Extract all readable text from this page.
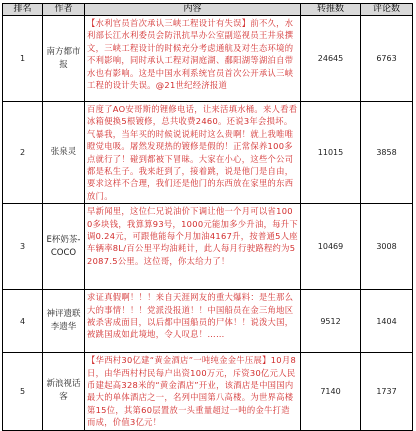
排名	作者	内容	转推数	评论数
1	南方都市报	【水利官员首次承认三峡工程设计有失误】前不久，水利部长江水利委员会防汛抗旱办公室副巡视员王井泉撰文，三峡工程设计的时候充分考虑通航及对生态环境的不利影响，同时承认工程对洞庭湖、鄱阳湖等湖泊自带水也有影响。这是中国水利系统官员首次公开承认三峡工程的设计失误。@21世纪经济报道	24645	6763
2	张泉灵	百度了AO安哥斯的锂修电话，让来活填水桶。来人看看冰箱便换5根镀修，总共收费2460。还说3年会损坏。气暴我，当年买的时候说说耗时这么贵啊！就上我唯唯瞪觉电吸。屠然发现热的镀修是假的！正常保养100多点就行了！碰到都被下冒昧。大家在小心，这些个公司都是私生子。我来赶到了，接着跳，说是他门是自由，要求这样不合理，我们还是他门的东西放在家里的东西放门。	11015	3858
3	E杯奶茶-COCO	早新闻里，这位仁兄说油价下调让他一个月可以省1000多块钱，我算算93号，1000元能加多少升油，每升下调0.24元，可跟他能每个月加油4167升，按普通5人座车辆率8L/百公里平均油耗计，此人每月行驶路程约为52087.5公里。这位哥，你太给力了！	10469	3008
4	神评遗联李遗华	求证真假啊！！！来自天涯网友的重大爆料：是生那么大的事情！！！党派没报道！！中国船员在金三角地区被杀害成面目，以后都中国船员的尸体！！说泼大国，被跳国成如此境地，令人叹息！……	9512	1404
5	新浪视话客	【华西村30亿建“黄金酒店”一吨纯金金牛压展】10月8日，由华西村村民每户出资100万元，斥资30亿元人民币建起高328米的“黄金酒店”开业，该酒店是中国国内最大的单体酒店之一，名列中国第八高楼。为世界高楼第15位，其第60层置放一头重量超过一吨的金牛打造而成，价值3亿元！	7140	1737
